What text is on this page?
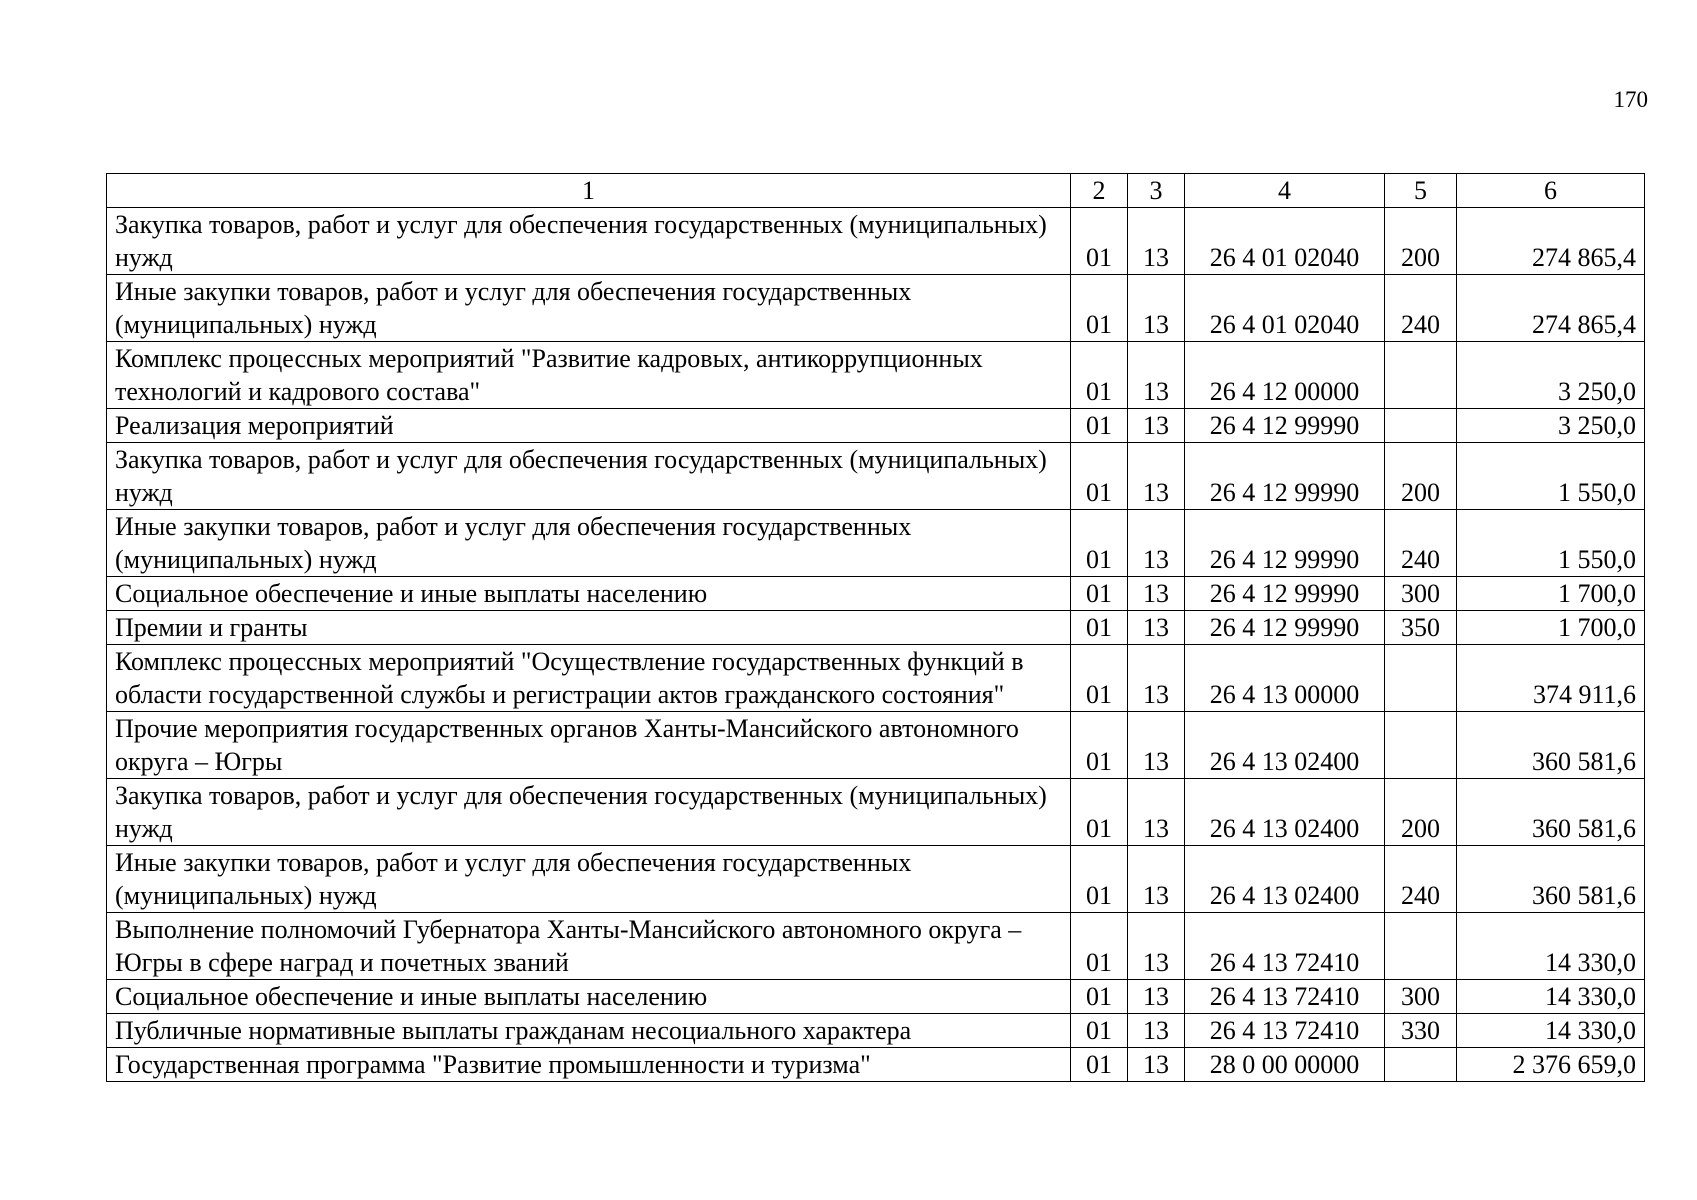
170
1	2	3	4	5	6
Закупка товаров, работ и услуг для обеспечения государственных (муниципальных) нужд	01	13	26 4 01 02040	200	274 865,4
Иные закупки товаров, работ и услуг для обеспечения государственных (муниципальных) нужд	01	13	26 4 01 02040	240	274 865,4
Комплекс процессных мероприятий "Развитие кадровых, антикоррупционных технологий и кадрового состава"	01	13	26 4 12 00000		3 250,0
Реализация мероприятий	01	13	26 4 12 99990		3 250,0
Закупка товаров, работ и услуг для обеспечения государственных (муниципальных) нужд	01	13	26 4 12 99990	200	1 550,0
Иные закупки товаров, работ и услуг для обеспечения государственных (муниципальных) нужд	01	13	26 4 12 99990	240	1 550,0
Социальное обеспечение и иные выплаты населению	01	13	26 4 12 99990	300	1 700,0
Премии и гранты	01	13	26 4 12 99990	350	1 700,0
Комплекс процессных мероприятий "Осуществление государственных функций в области государственной службы и регистрации актов гражданского состояния"	01	13	26 4 13 00000		374 911,6
Прочие мероприятия государственных органов Ханты-Мансийского автономного округа – Югры	01	13	26 4 13 02400		360 581,6
Закупка товаров, работ и услуг для обеспечения государственных (муниципальных) нужд	01	13	26 4 13 02400	200	360 581,6
Иные закупки товаров, работ и услуг для обеспечения государственных (муниципальных) нужд	01	13	26 4 13 02400	240	360 581,6
Выполнение полномочий Губернатора Ханты-Мансийского автономного округа – Югры в сфере наград и почетных званий	01	13	26 4 13 72410		14 330,0
Социальное обеспечение и иные выплаты населению	01	13	26 4 13 72410	300	14 330,0
Публичные нормативные выплаты гражданам несоциального характера	01	13	26 4 13 72410	330	14 330,0
Государственная программа "Развитие промышленности и туризма"	01	13	28 0 00 00000		2 376 659,0
